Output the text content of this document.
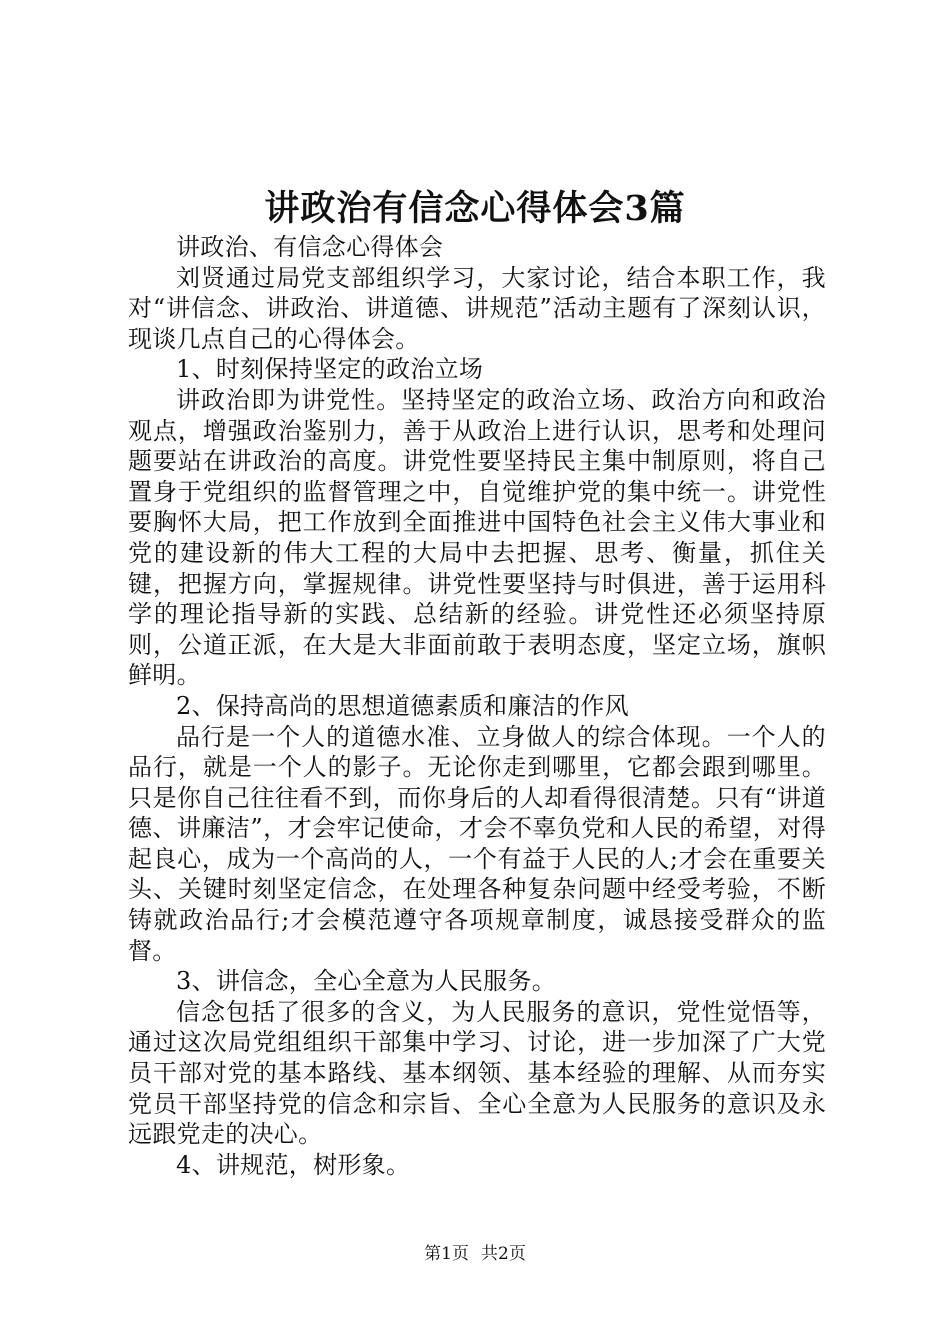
讲政治有信念心得体会3篇

讲政治、有信念心得体会

刘贤通过局党支部组织学习，大家讨论，结合本职工作，我对“讲信念、讲政治、讲道德、讲规范”活动主题有了深刻认识，现谈几点自己的心得体会。

1、时刻保持坚定的政治立场

讲政治即为讲党性。坚持坚定的政治立场、政治方向和政治观点，增强政治鉴别力，善于从政治上进行认识，思考和处理问题要站在讲政治的高度。讲党性要坚持民主集中制原则，将自己置身于党组织的监督管理之中，自觉维护党的集中统一。讲党性要胸怀大局，把工作放到全面推进中国特色社会主义伟大事业和党的建设新的伟大工程的大局中去把握、思考、衡量，抓住关键，把握方向，掌握规律。讲党性要坚持与时俱进，善于运用科学的理论指导新的实践、总结新的经验。讲党性还必须坚持原则，公道正派，在大是大非面前敢于表明态度，坚定立场，旗帜鲜明。

2、保持高尚的思想道德素质和廉洁的作风

品行是一个人的道德水准、立身做人的综合体现。一个人的品行，就是一个人的影子。无论你走到哪里，它都会跟到哪里。只是你自己往往看不到，而你身后的人却看得很清楚。只有“讲道德、讲廉洁”，才会牢记使命，才会不辜负党和人民的希望，对得起良心，成为一个高尚的人，一个有益于人民的人;才会在重要关头、关键时刻坚定信念，在处理各种复杂问题中经受考验，不断铸就政治品行;才会模范遵守各项规章制度，诚恳接受群众的监督。

3、讲信念，全心全意为人民服务。

信念包括了很多的含义，为人民服务的意识，党性觉悟等，通过这次局党组组织干部集中学习、讨论，进一步加深了广大党员干部对党的基本路线、基本纲领、基本经验的理解、从而夯实党员干部坚持党的信念和宗旨、全心全意为人民服务的意识及永远跟党走的决心。

4、讲规范，树形象。

第1页 共2页
